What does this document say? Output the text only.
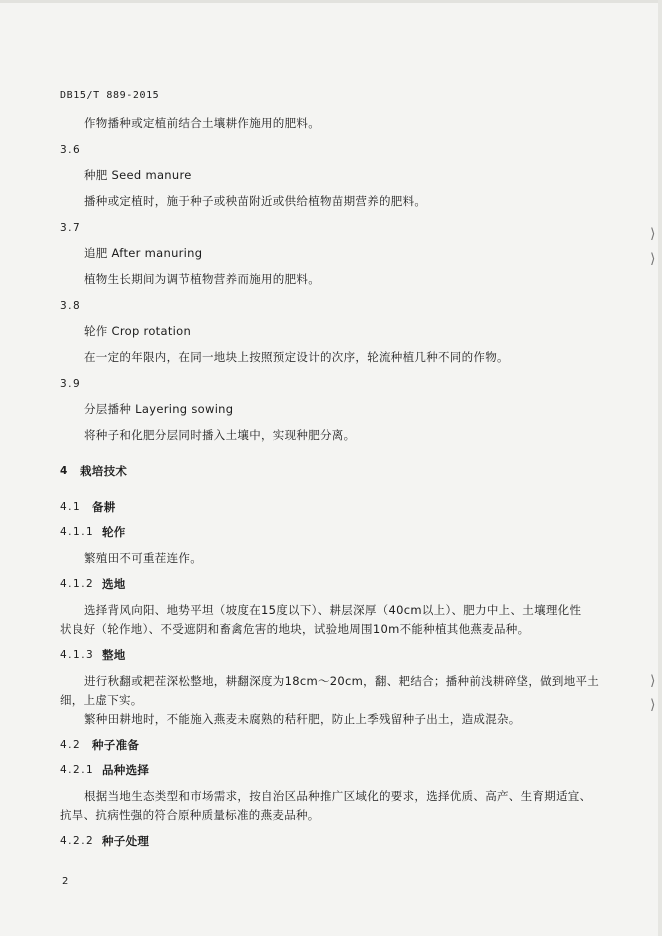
DB15/T 889-2015
作物播种或定植前结合土壤耕作施用的肥料。
3.6
种肥 Seed manure
播种或定植时，施于种子或秧苗附近或供给植物苗期营养的肥料。
3.7
追肥 After manuring
植物生长期间为调节植物营养而施用的肥料。
3.8
轮作 Crop rotation
在一定的年限内，在同一地块上按照预定设计的次序，轮流种植几种不同的作物。
3.9
分层播种 Layering sowing
将种子和化肥分层同时播入土壤中，实现种肥分离。
4 栽培技术
4.1 备耕
4.1.1 轮作
繁殖田不可重茬连作。
4.1.2 选地
选择背风向阳、地势平坦（坡度在15度以下）、耕层深厚（40cm以上）、肥力中上、土壤理化性
状良好（轮作地）、不受遮阴和畜禽危害的地块，试验地周围10m不能种植其他燕麦品种。
4.1.3 整地
进行秋翻或耙茬深松整地，耕翻深度为18cm～20cm，翻、耙结合；播种前浅耕碎垡，做到地平土
细，上虚下实。
繁种田耕地时，不能施入燕麦未腐熟的秸秆肥，防止上季残留种子出土，造成混杂。
4.2 种子准备
4.2.1 品种选择
根据当地生态类型和市场需求，按自治区品种推广区域化的要求，选择优质、高产、生育期适宜、
抗旱、抗病性强的符合原种质量标准的燕麦品种。
4.2.2 种子处理
2
⟩
⟩
⟩
⟩
